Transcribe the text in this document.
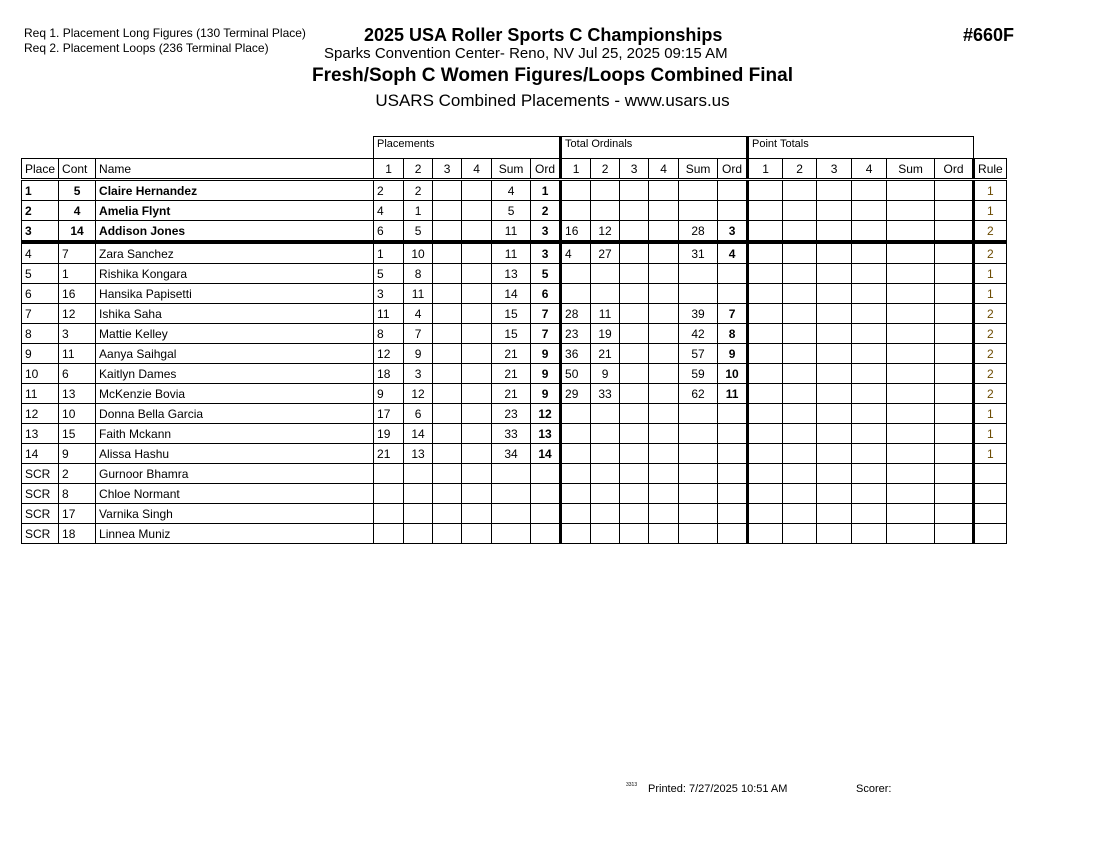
Req 1. Placement Long Figures (130 Terminal Place)
Req 2. Placement Loops (236 Terminal Place)
2025 USA Roller Sports C Championships
Sparks Convention Center- Reno, NV Jul 25, 2025 09:15 AM
Fresh/Soph C Women Figures/Loops Combined Final
USARS Combined Placements - www.usars.us
#660F
			Placements						Total Ordinals						Point Totals						
Place	Cont	Name	1	2	3	4	Sum	Ord	1	2	3	4	Sum	Ord	1	2	3	4	Sum	Ord	Rule
1	5	Claire Hernandez	2	2			4	1													1
2	4	Amelia Flynt	4	1			5	2													1
3	14	Addison Jones	6	5			11	3	16	12			28	3							2
4	7	Zara Sanchez	1	10			11	3	4	27			31	4							2
5	1	Rishika Kongara	5	8			13	5													1
6	16	Hansika Papisetti	3	11			14	6													1
7	12	Ishika Saha	11	4			15	7	28	11			39	7							2
8	3	Mattie Kelley	8	7			15	7	23	19			42	8							2
9	11	Aanya Saihgal	12	9			21	9	36	21			57	9							2
10	6	Kaitlyn Dames	18	3			21	9	50	9			59	10							2
11	13	McKenzie Bovia	9	12			21	9	29	33			62	11							2
12	10	Donna Bella Garcia	17	6			23	12													1
13	15	Faith Mckann	19	14			33	13													1
14	9	Alissa Hashu	21	13			34	14													1
SCR	2	Gurnoor Bhamra																			
SCR	8	Chloe Normant																			
SCR	17	Varnika Singh																			
SCR	18	Linnea Muniz																			
3313 Printed: 7/27/2025 10:51 AM	Scorer:
